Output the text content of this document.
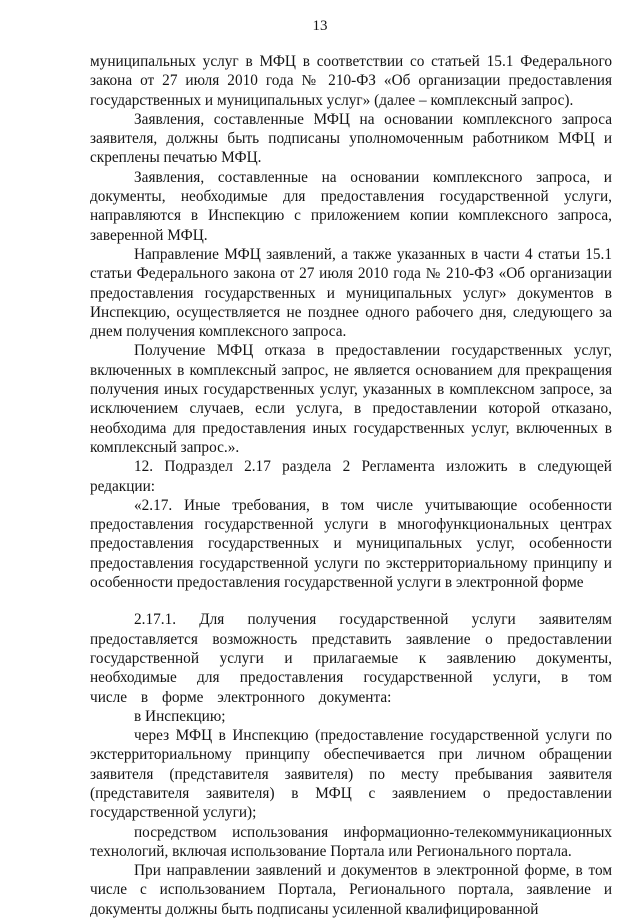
13

муниципальных услуг в МФЦ в соответствии со статьей 15.1 Федерального закона от 27 июля 2010 года № 210-ФЗ «Об организации предоставления государственных и муниципальных услуг» (далее – комплексный запрос).

Заявления, составленные МФЦ на основании комплексного запроса заявителя, должны быть подписаны уполномоченным работником МФЦ и скреплены печатью МФЦ.

Заявления, составленные на основании комплексного запроса, и документы, необходимые для предоставления государственной услуги, направляются в Инспекцию с приложением копии комплексного запроса, заверенной МФЦ.

Направление МФЦ заявлений, а также указанных в части 4 статьи 15.1 статьи Федерального закона от 27 июля 2010 года № 210-ФЗ «Об организации предоставления государственных и муниципальных услуг» документов в Инспекцию, осуществляется не позднее одного рабочего дня, следующего за днем получения комплексного запроса.

Получение МФЦ отказа в предоставлении государственных услуг, включенных в комплексный запрос, не является основанием для прекращения получения иных государственных услуг, указанных в комплексном запросе, за исключением случаев, если услуга, в предоставлении которой отказано, необходима для предоставления иных государственных услуг, включенных в комплексный запрос.».

12. Подраздел 2.17 раздела 2 Регламента изложить в следующей редакции:

«2.17. Иные требования, в том числе учитывающие особенности предоставления государственной услуги в многофункциональных центрах предоставления государственных и муниципальных услуг, особенности предоставления государственной услуги по экстерриториальному принципу и особенности предоставления государственной услуги в электронной форме

2.17.1. Для получения государственной услуги заявителям предоставляется возможность представить заявление о предоставлении государственной услуги и прилагаемые к заявлению документы, необходимые для предоставления государственной услуги, в том числе в форме электронного документа:

в Инспекцию;

через МФЦ в Инспекцию (предоставление государственной услуги по экстерриториальному принципу обеспечивается при личном обращении заявителя (представителя заявителя) по месту пребывания заявителя (представителя заявителя) в МФЦ с заявлением о предоставлении государственной услуги);

посредством использования информационно-телекоммуникационных технологий, включая использование Портала или Регионального портала.

При направлении заявлений и документов в электронной форме, в том числе с использованием Портала, Регионального портала, заявление и документы должны быть подписаны усиленной квалифицированной
